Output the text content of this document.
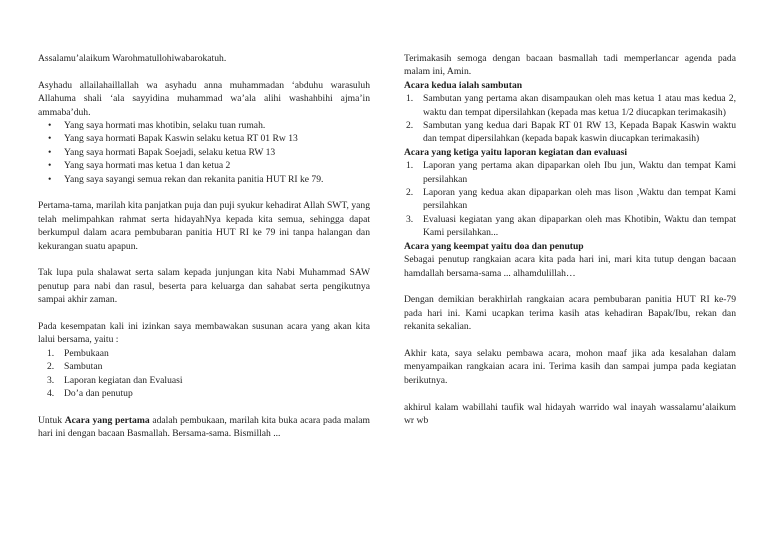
Assalamu’alaikum Warohmatullohiwabarokatuh.

Asyhadu allailahaillallah wa asyhadu anna muhammadan ‘abduhu warasuluh Allahuma shali ‘ala sayyidina muhammad wa’ala alihi washahbihi ajma’in ammaba’duh.

• Yang saya hormati mas khotibin, selaku tuan rumah.
• Yang saya hormati Bapak Kaswin selaku ketua RT 01 Rw 13
• Yang saya hormati Bapak Soejadi, selaku ketua RW 13
• Yang saya hormati mas ketua 1 dan ketua 2
• Yang saya sayangi semua rekan dan rekanita panitia HUT RI ke 79.

Pertama-tama, marilah kita panjatkan puja dan puji syukur kehadirat Allah SWT, yang telah melimpahkan rahmat serta hidayahNya kepada kita semua, sehingga dapat berkumpul dalam acara pembubaran panitia HUT RI ke 79 ini tanpa halangan dan kekurangan suatu apapun.

Tak lupa pula shalawat serta salam kepada junjungan kita Nabi Muhammad SAW penutup para nabi dan rasul, beserta para keluarga dan sahabat serta pengikutnya sampai akhir zaman.

Pada kesempatan kali ini izinkan saya membawakan susunan acara yang akan kita lalui bersama, yaitu :

1. Pembukaan
2. Sambutan
3. Laporan kegiatan dan Evaluasi
4. Do’a dan penutup

Untuk Acara yang pertama adalah pembukaan, marilah kita buka acara pada malam hari ini dengan bacaan Basmallah. Bersama-sama. Bismillah ...

Terimakasih semoga dengan bacaan basmallah tadi memperlancar agenda pada malam ini, Amin.

Acara kedua ialah sambutan

1. Sambutan yang pertama akan disampaukan oleh mas ketua 1 atau mas kedua 2, waktu dan tempat dipersilahkan (kepada mas ketua 1/2 diucapkan terimakasih)
2. Sambutan yang kedua dari Bapak RT 01 RW 13, Kepada Bapak Kaswin waktu dan tempat dipersilahkan (kepada bapak kaswin diucapkan terimakasih)

Acara yang ketiga yaitu laporan kegiatan dan evaluasi

1. Laporan yang pertama akan dipaparkan oleh Ibu jun, Waktu dan tempat Kami persilahkan
2. Laporan yang kedua akan dipaparkan oleh mas lison ,Waktu dan tempat Kami persilahkan
3. Evaluasi kegiatan yang akan dipaparkan oleh mas Khotibin, Waktu dan tempat Kami persilahkan...

Acara yang keempat yaitu doa dan penutup

Sebagai penutup rangkaian acara kita pada hari ini, mari kita tutup dengan bacaan hamdallah bersama-sama ... alhamdulillah…

Dengan demikian berakhirlah rangkaian acara pembubaran panitia HUT RI ke-79 pada hari ini. Kami ucapkan terima kasih atas kehadiran Bapak/Ibu, rekan dan rekanita sekalian.

Akhir kata, saya selaku pembawa acara, mohon maaf jika ada kesalahan dalam menyampaikan rangkaian acara ini. Terima kasih dan sampai jumpa pada kegiatan berikutnya.

akhirul kalam wabillahi taufik wal hidayah warrido wal inayah wassalamu’alaikum wr wb
